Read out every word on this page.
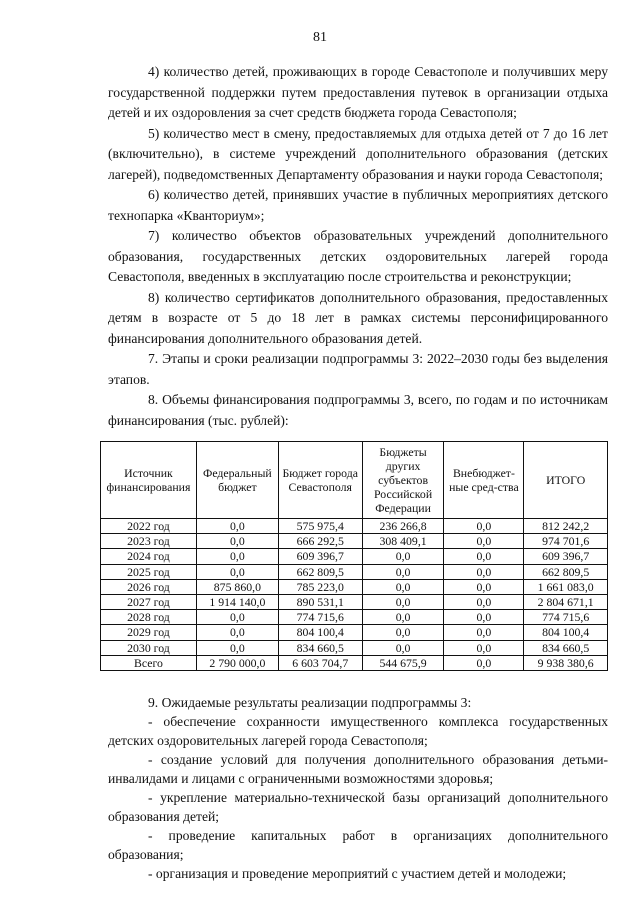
81

4) количество детей, проживающих в городе Севастополе и получивших меру государственной поддержки путем предоставления путевок в организации отдыха детей и их оздоровления за счет средств бюджета города Севастополя;

5) количество мест в смену, предоставляемых для отдыха детей от 7 до 16 лет (включительно), в системе учреждений дополнительного образования (детских лагерей), подведомственных Департаменту образования и науки города Севастополя;

6) количество детей, принявших участие в публичных мероприятиях детского технопарка «Кванториум»;

7) количество объектов образовательных учреждений дополнительного образования, государственных детских оздоровительных лагерей города Севастополя, введенных в эксплуатацию после строительства и реконструкции;

8) количество сертификатов дополнительного образования, предоставленных детям в возрасте от 5 до 18 лет в рамках системы персонифицированного финансирования дополнительного образования детей.

7. Этапы и сроки реализации подпрограммы 3: 2022–2030 годы без выделения этапов.

8. Объемы финансирования подпрограммы 3, всего, по годам и по источникам финансирования (тыс. рублей):

Источник финансирования	Федеральный бюджет	Бюджет города Севастополя	Бюджеты других субъектов Российской Федерации	Внебюджет-ные сред-ства	ИТОГО
2022 год	0,0	575 975,4	236 266,8	0,0	812 242,2
2023 год	0,0	666 292,5	308 409,1	0,0	974 701,6
2024 год	0,0	609 396,7	0,0	0,0	609 396,7
2025 год	0,0	662 809,5	0,0	0,0	662 809,5
2026 год	875 860,0	785 223,0	0,0	0,0	1 661 083,0
2027 год	1 914 140,0	890 531,1	0,0	0,0	2 804 671,1
2028 год	0,0	774 715,6	0,0	0,0	774 715,6
2029 год	0,0	804 100,4	0,0	0,0	804 100,4
2030 год	0,0	834 660,5	0,0	0,0	834 660,5
Всего	2 790 000,0	6 603 704,7	544 675,9	0,0	9 938 380,6

9. Ожидаемые результаты реализации подпрограммы 3:

- обеспечение сохранности имущественного комплекса государственных детских оздоровительных лагерей города Севастополя;

- создание условий для получения дополнительного образования детьми-инвалидами и лицами с ограниченными возможностями здоровья;

- укрепление материально-технической базы организаций дополнительного образования детей;

- проведение капитальных работ в организациях дополнительного образования;

- организация и проведение мероприятий с участием детей и молодежи;
